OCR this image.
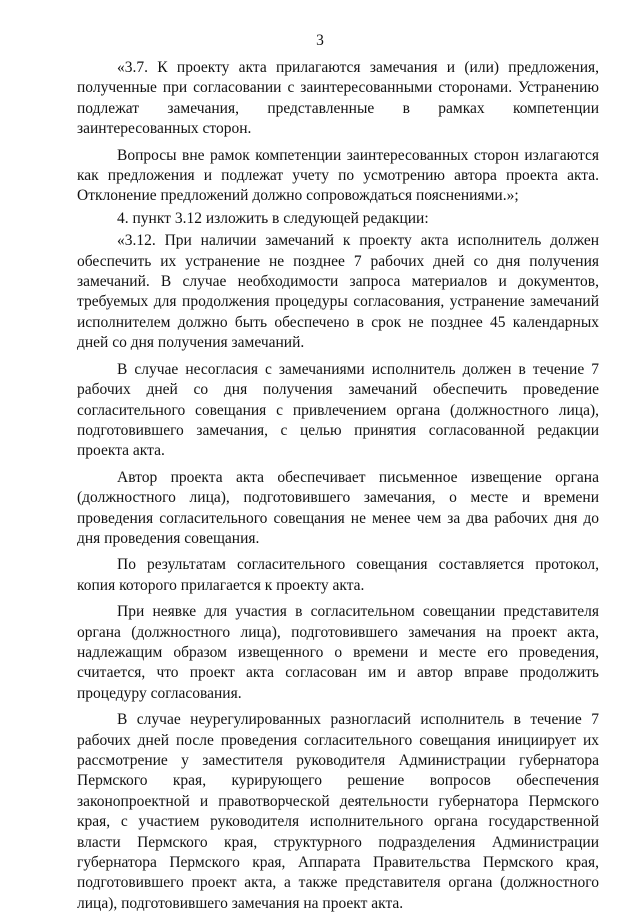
3

«3.7. К проекту акта прилагаются замечания и (или) предложения, полученные при согласовании с заинтересованными сторонами. Устранению подлежат замечания, представленные в рамках компетенции заинтересованных сторон.

Вопросы вне рамок компетенции заинтересованных сторон излагаются как предложения и подлежат учету по усмотрению автора проекта акта. Отклонение предложений должно сопровождаться пояснениями.»;

4. пункт 3.12 изложить в следующей редакции:

«3.12. При наличии замечаний к проекту акта исполнитель должен обеспечить их устранение не позднее 7 рабочих дней со дня получения замечаний. В случае необходимости запроса материалов и документов, требуемых для продолжения процедуры согласования, устранение замечаний исполнителем должно быть обеспечено в срок не позднее 45 календарных дней со дня получения замечаний.

В случае несогласия с замечаниями исполнитель должен в течение 7 рабочих дней со дня получения замечаний обеспечить проведение согласительного совещания с привлечением органа (должностного лица), подготовившего замечания, с целью принятия согласованной редакции проекта акта.

Автор проекта акта обеспечивает письменное извещение органа (должностного лица), подготовившего замечания, о месте и времени проведения согласительного совещания не менее чем за два рабочих дня до дня проведения совещания.

По результатам согласительного совещания составляется протокол, копия которого прилагается к проекту акта.

При неявке для участия в согласительном совещании представителя органа (должностного лица), подготовившего замечания на проект акта, надлежащим образом извещенного о времени и месте его проведения, считается, что проект акта согласован им и автор вправе продолжить процедуру согласования.

В случае неурегулированных разногласий исполнитель в течение 7 рабочих дней после проведения согласительного совещания инициирует их рассмотрение у заместителя руководителя Администрации губернатора Пермского края, курирующего решение вопросов обеспечения законопроектной и правотворческой деятельности губернатора Пермского края, с участием руководителя исполнительного органа государственной власти Пермского края, структурного подразделения Администрации губернатора Пермского края, Аппарата Правительства Пермского края, подготовившего проект акта, а также представителя органа (должностного лица), подготовившего замечания на проект акта.
